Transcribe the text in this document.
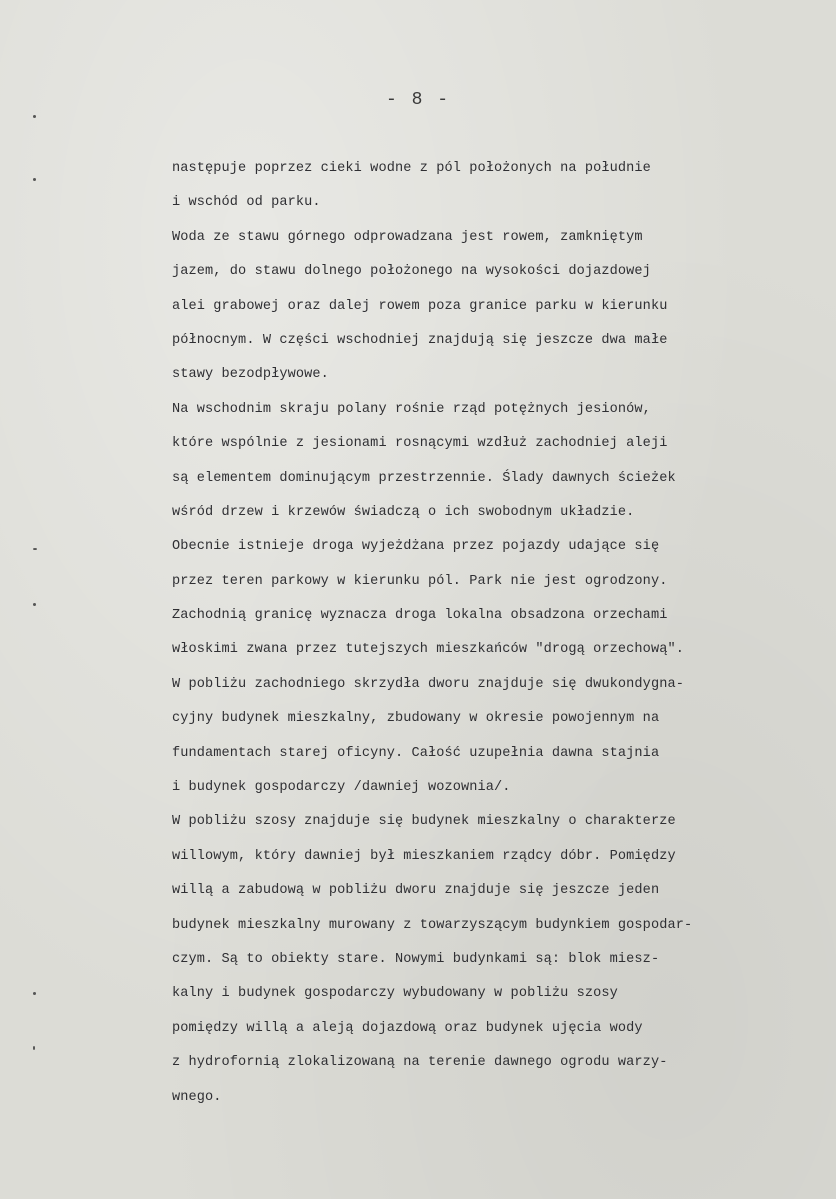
- 8 -
następuje poprzez cieki wodne z pól położonych na południe
i wschód od parku.
Woda ze stawu górnego odprowadzana jest rowem, zamkniętym
jazem, do stawu dolnego położonego na wysokości dojazdowej
alei grabowej oraz dalej rowem poza granice parku w kierunku
północnym. W części wschodniej znajdują się jeszcze dwa małe
stawy bezodpływowe.
Na wschodnim skraju polany rośnie rząd potężnych jesionów,
które wspólnie z jesionami rosnącymi wzdłuż zachodniej aleji
są elementem dominującym przestrzennie. Ślady dawnych ścieżek
wśród drzew i krzewów świadczą o ich swobodnym układzie.
Obecnie istnieje droga wyjeżdżana przez pojazdy udające się
przez teren parkowy w kierunku pól. Park nie jest ogrodzony.
Zachodnią granicę wyznacza droga lokalna obsadzona orzechami
włoskimi zwana przez tutejszych mieszkańców "drogą orzechową".
W pobliżu zachodniego skrzydła dworu znajduje się dwukondygna-
cyjny budynek mieszkalny, zbudowany w okresie powojennym na
fundamentach starej oficyny. Całość uzupełnia dawna stajnia
i budynek gospodarczy /dawniej wozownia/.
W pobliżu szosy znajduje się budynek mieszkalny o charakterze
willowym, który dawniej był mieszkaniem rządcy dóbr. Pomiędzy
willą a zabudową w pobliżu dworu znajduje się jeszcze jeden
budynek mieszkalny murowany z towarzyszącym budynkiem gospodar-
czym. Są to obiekty stare. Nowymi budynkami są: blok miesz-
kalny i budynek gospodarczy wybudowany w pobliżu szosy
pomiędzy willą a aleją dojazdową oraz budynek ujęcia wody
z hydrofornią zlokalizowaną na terenie dawnego ogrodu warzy-
wnego.
